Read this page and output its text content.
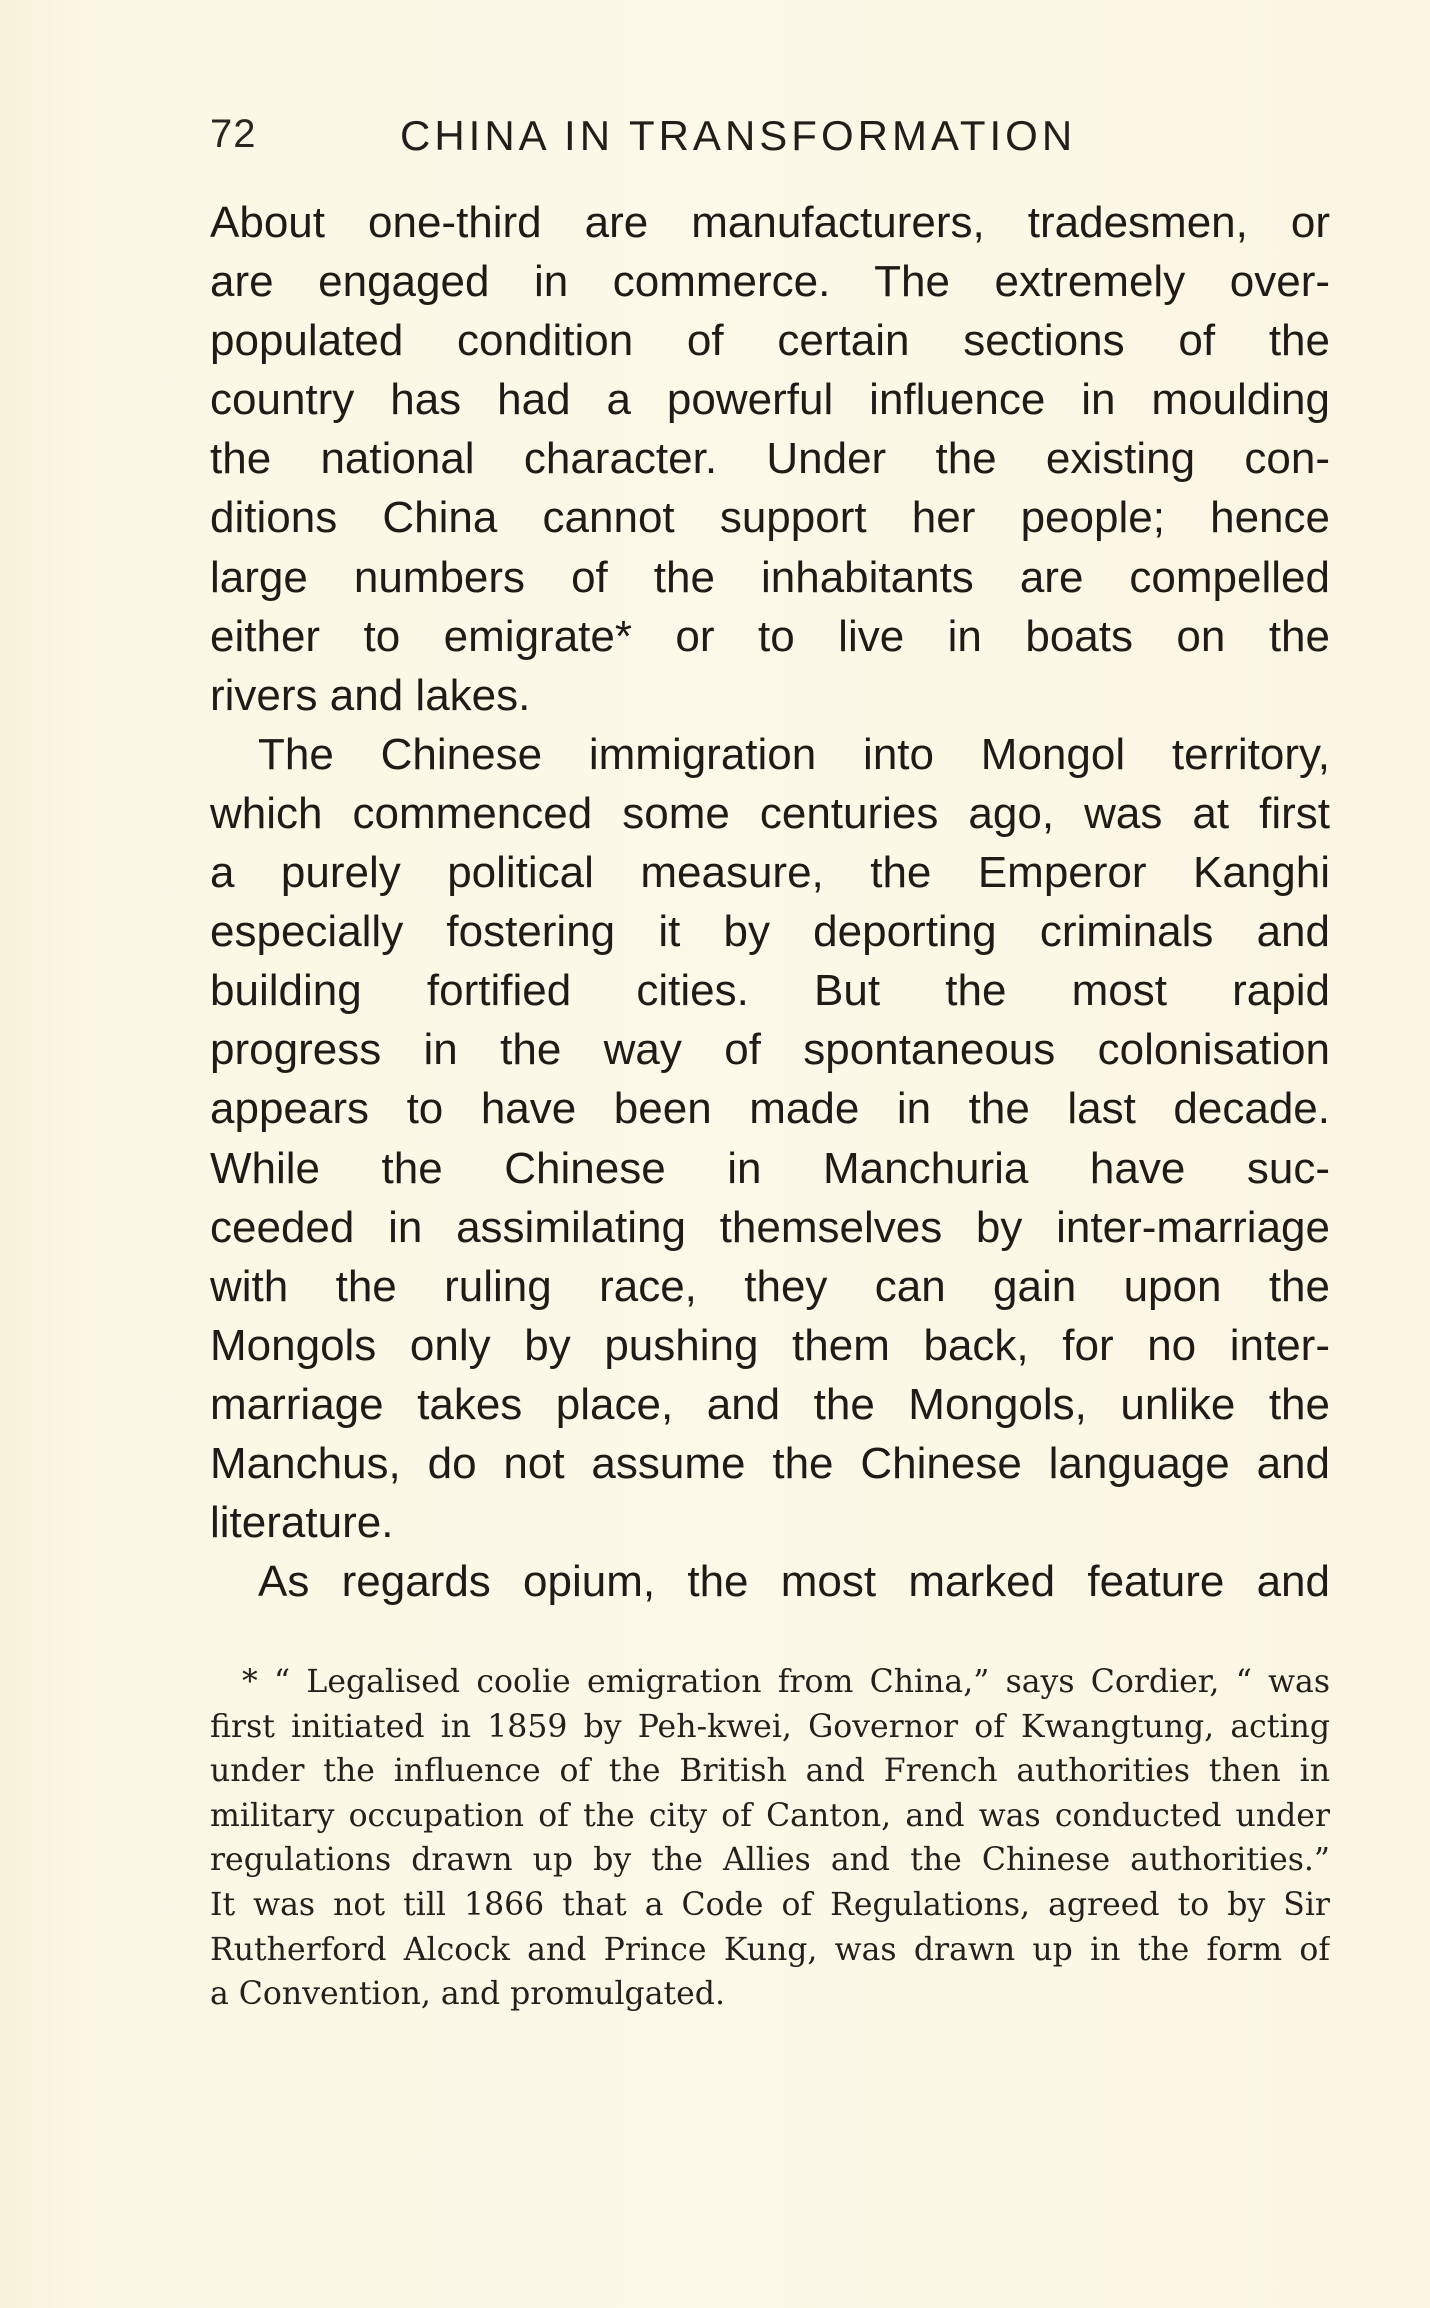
72	CHINA IN TRANSFORMATION
About one-third are manufacturers, tradesmen, or
are engaged in commerce. The extremely over-
populated condition of certain sections of the
country has had a powerful influence in moulding
the national character. Under the existing con-
ditions China cannot support her people; hence
large numbers of the inhabitants are compelled
either to emigrate* or to live in boats on the
rivers and lakes.
The Chinese immigration into Mongol territory,
which commenced some centuries ago, was at first
a purely political measure, the Emperor Kanghi
especially fostering it by deporting criminals and
building fortified cities. But the most rapid
progress in the way of spontaneous colonisation
appears to have been made in the last decade.
While the Chinese in Manchuria have suc-
ceeded in assimilating themselves by inter-marriage
with the ruling race, they can gain upon the
Mongols only by pushing them back, for no inter-
marriage takes place, and the Mongols, unlike the
Manchus, do not assume the Chinese language and
literature.
As regards opium, the most marked feature and
* “ Legalised coolie emigration from China,” says Cordier, “ was
first initiated in 1859 by Peh-kwei, Governor of Kwangtung, acting
under the influence of the British and French authorities then in
military occupation of the city of Canton, and was conducted under
regulations drawn up by the Allies and the Chinese authorities.”
It was not till 1866 that a Code of Regulations, agreed to by Sir
Rutherford Alcock and Prince Kung, was drawn up in the form of
a Convention, and promulgated.
